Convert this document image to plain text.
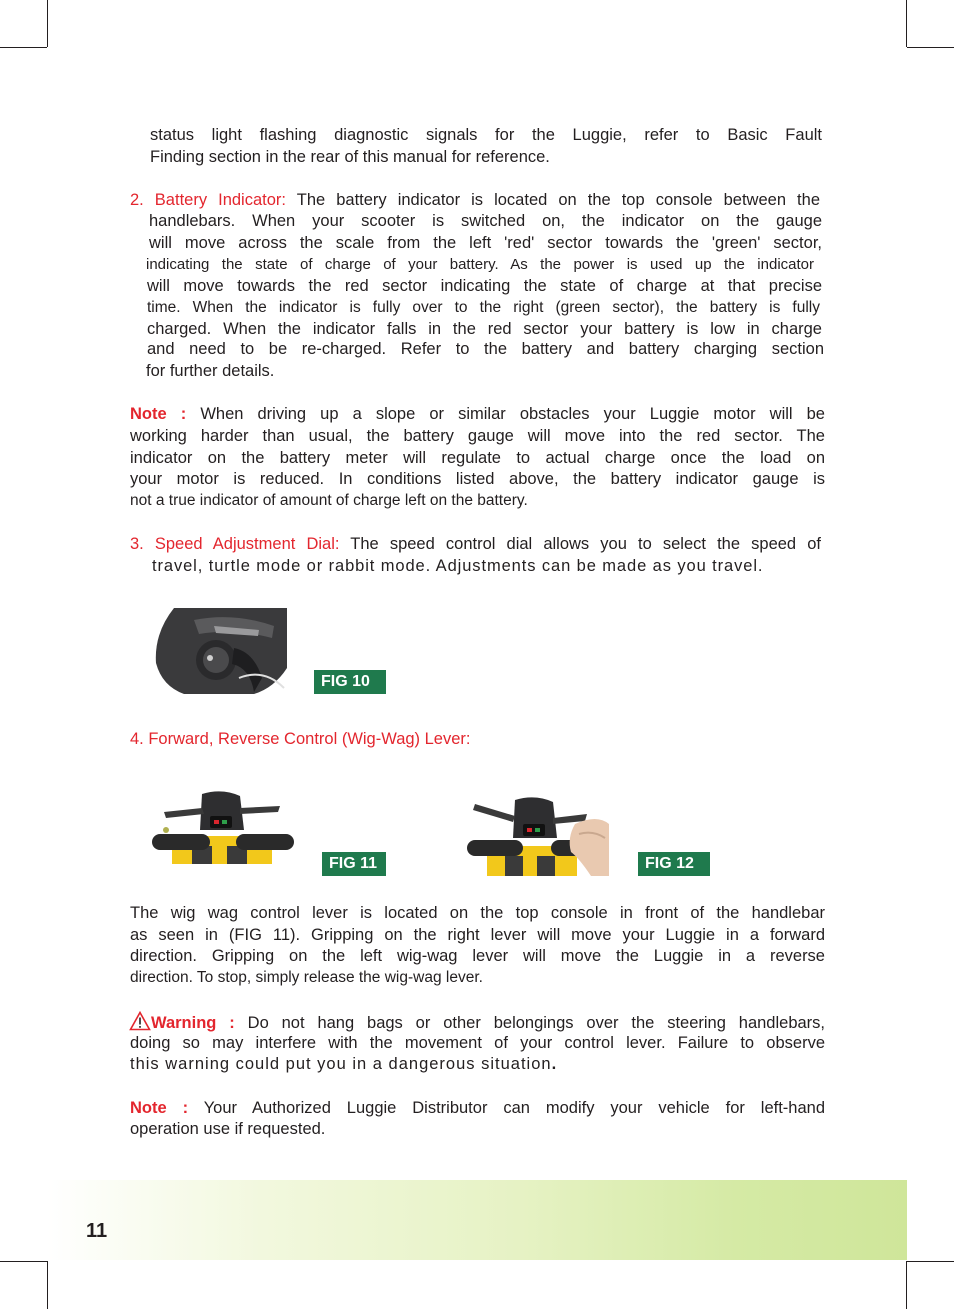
status light flashing diagnostic signals for the Luggie, refer to Basic Fault

Finding section in the rear of this manual for reference.

2. Battery Indicator: The battery indicator is located on the top console between the

handlebars. When your scooter is switched on, the indicator on the gauge

will move across the scale from the left 'red' sector towards the 'green' sector,

indicating the state of charge of your battery. As the power is used up the indicator

will move towards the red sector indicating the state of charge at that precise

time. When the indicator is fully over to the right (green sector), the battery is fully

charged. When the indicator falls in the red sector your battery is low in charge

and need to be re-charged. Refer to the battery and battery charging section

for further details.

Note : When driving up a slope or similar obstacles your Luggie motor will be

working harder than usual, the battery gauge will move into the red sector. The

indicator on the battery meter will regulate to actual charge once the load on

your motor is reduced. In conditions listed above, the battery indicator gauge is

not a true indicator of amount of charge left on the battery.

3. Speed Adjustment Dial: The speed control dial allows you to select the speed of

travel, turtle mode or rabbit mode. Adjustments can be made as you travel.

FIG 10

4. Forward, Reverse Control (Wig-Wag) Lever:

FIG 11	FIG 12

The wig wag control lever is located on the top console in front of the handlebar

as seen in (FIG 11). Gripping on the right lever will move your Luggie in a forward

direction. Gripping on the left wig-wag lever will move the Luggie in a reverse

direction. To stop, simply release the wig-wag lever.

Warning : Do not hang bags or other belongings over the steering handlebars,

doing so may interfere with the movement of your control lever. Failure to observe

this warning could put you in a dangerous situation.

Note : Your Authorized Luggie Distributor can modify your vehicle for left-hand

operation use if requested.

11
